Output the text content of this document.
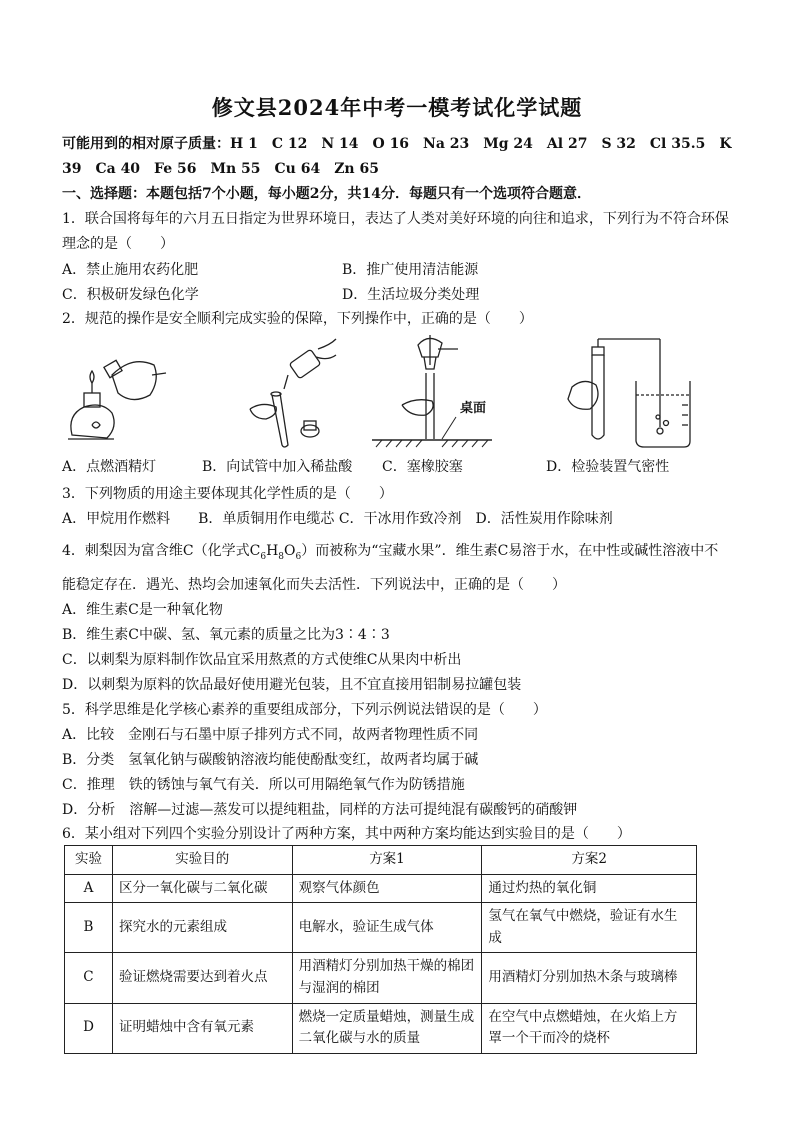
修文县2024年中考一模考试化学试题
可能用到的相对原子质量：H 1　C 12　N 14　O 16　Na 23　Mg 24　Al 27　S 32　Cl 35.5　K
39　Ca 40　Fe 56　Mn 55　Cu 64　Zn 65
一、选择题：本题包括7个小题，每小题2分，共14分．每题只有一个选项符合题意．
1．联合国将每年的六月五日指定为世界环境日，表达了人类对美好环境的向往和追求，下列行为不符合环保
理念的是（　　）
A．禁止施用农药化肥	B．推广使用清洁能源
C．积极研发绿色化学	D．生活垃圾分类处理
2．规范的操作是安全顺利完成实验的保障，下列操作中，正确的是（　　）
桌面
A．点燃酒精灯	B．向试管中加入稀盐酸 C．塞橡胶塞	D．检验装置气密性
3．下列物质的用途主要体现其化学性质的是（　　）
A．甲烷用作燃料　　B．单质铜用作电缆芯 C．干冰用作致冷剂　D．活性炭用作除味剂
4．刺梨因为富含维C（化学式$C_6H_8O_6$）而被称为“宝藏水果”．维生素C易溶于水，在中性或碱性溶液中不
能稳定存在．遇光、热均会加速氧化而失去活性．下列说法中，正确的是（　　）
A．维生素C是一种氧化物
B．维生素C中碳、氢、氧元素的质量之比为3∶4∶3
C．以刺梨为原料制作饮品宜采用熬煮的方式使维C从果肉中析出
D．以刺梨为原料的饮品最好使用避光包装，且不宜直接用铝制易拉罐包装
5．科学思维是化学核心素养的重要组成部分，下列示例说法错误的是（　　）
A．比较　金刚石与石墨中原子排列方式不同，故两者物理性质不同
B．分类　氢氧化钠与碳酸钠溶液均能使酚酞变红，故两者均属于碱
C．推理　铁的锈蚀与氧气有关．所以可用隔绝氧气作为防锈措施
D．分析　溶解—过滤—蒸发可以提纯粗盐，同样的方法可提纯混有碳酸钙的硝酸钾
6．某小组对下列四个实验分别设计了两种方案，其中两种方案均能达到实验目的是（　　）
实验	实验目的	方案1	方案2
A	区分一氧化碳与二氧化碳	观察气体颜色	通过灼热的氧化铜
B	探究水的元素组成	电解水，验证生成气体	氢气在氧气中燃烧，验证有水生成
C	验证燃烧需要达到着火点	用酒精灯分别加热干燥的棉团与湿润的棉团	用酒精灯分别加热木条与玻璃棒
D	证明蜡烛中含有氧元素	燃烧一定质量蜡烛，测量生成二氧化碳与水的质量	在空气中点燃蜡烛，在火焰上方罩一个干而冷的烧杯
